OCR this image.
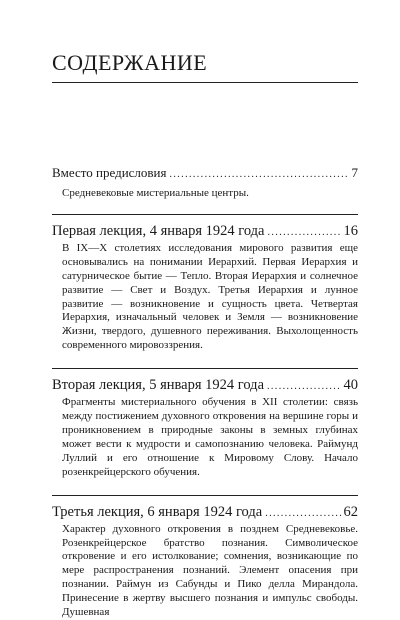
СОДЕРЖАНИЕ
Вместо предисловия .....	7
Средневековые мистериальные центры.
Первая лекция, 4 января 1924 года .....	16
В IX—X столетиях исследования мирового развития еще основывались на понимании Иерархий. Первая Иерархия и сатурническое бытие — Тепло. Вторая Иерархия и солнечное развитие — Свет и Воздух. Третья Иерархия и лунное развитие — возникновение и сущность цвета. Четвертая Иерархия, изначальный человек и Земля — возникновение Жизни, твердого, душевного переживания. Выхолощенность современного мировоззрения.
Вторая лекция, 5 января 1924 года .....	40
Фрагменты мистериального обучения в XII столетии: связь между постижением духовного откровения на вершине горы и проникновением в природные законы в земных глубинах может вести к мудрости и самопознанию человека. Раймунд Луллий и его отношение к Мировому Слову. Начало розенкрейцерского обучения.
Третья лекция, 6 января 1924 года .....	62
Характер духовного откровения в позднем Средневековье. Розенкрейцерское братство познания. Символическое откровение и его истолкование; сомнения, возникающие по мере распространения познаний. Элемент опасения при познании. Раймун из Сабунды и Пико делла Мирандола. Принесение в жертву высшего познания и импульс свободы. Душевная
